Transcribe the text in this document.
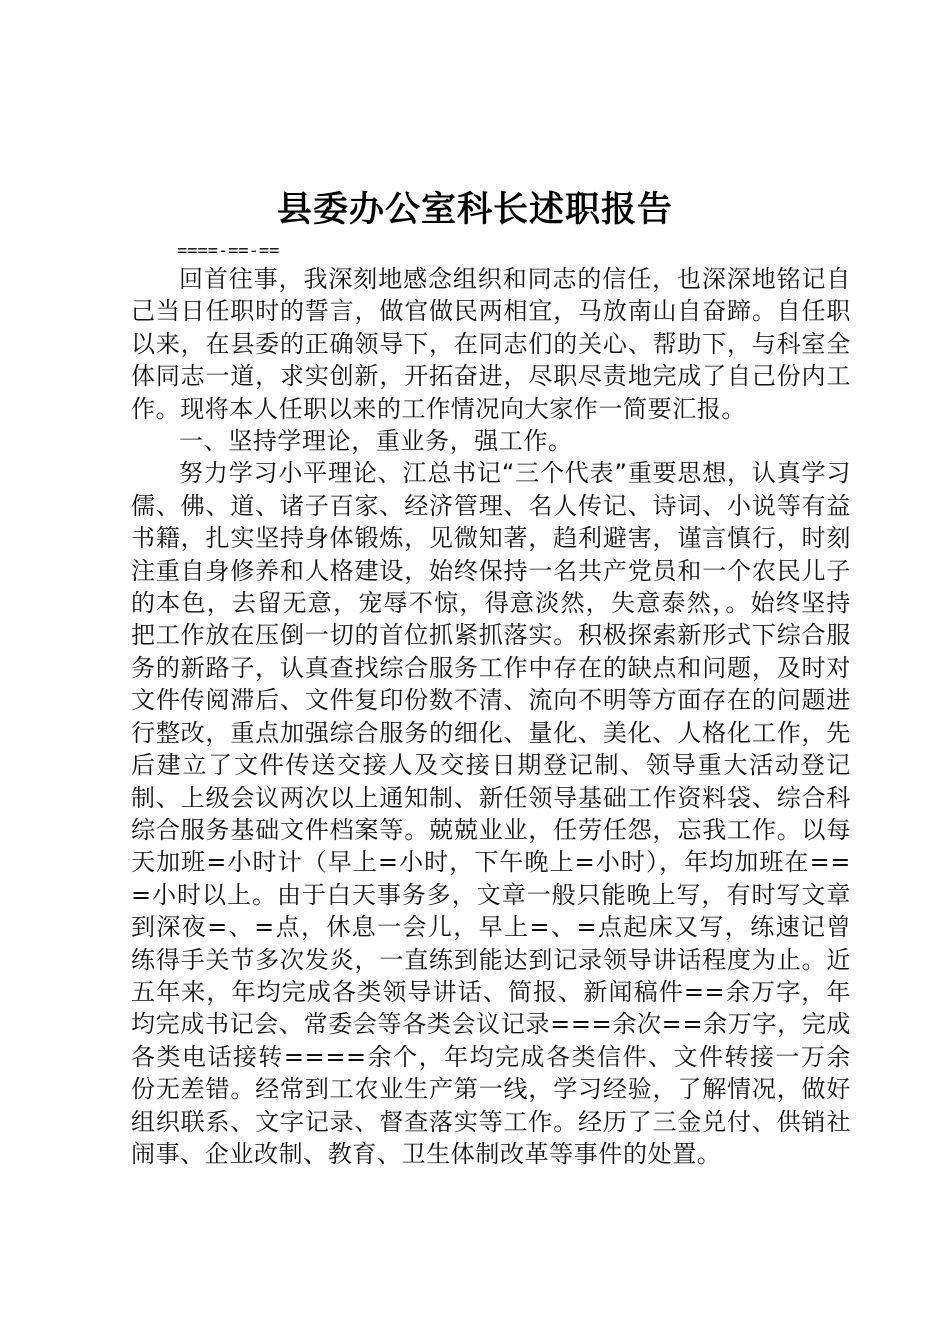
县委办公室科长述职报告
====-==-==

回首往事，我深刻地感念组织和同志的信任，也深深地铭记自己当日任职时的誓言，做官做民两相宜，马放南山自奋蹄。自任职以来，在县委的正确领导下，在同志们的关心、帮助下，与科室全体同志一道，求实创新，开拓奋进，尽职尽责地完成了自己份内工作。现将本人任职以来的工作情况向大家作一简要汇报。

一、坚持学理论，重业务，强工作。

努力学习小平理论、江总书记“三个代表”重要思想，认真学习儒、佛、道、诸子百家、经济管理、名人传记、诗词、小说等有益书籍，扎实坚持身体锻炼，见微知著，趋利避害，谨言慎行，时刻注重自身修养和人格建设，始终保持一名共产党员和一个农民儿子的本色，去留无意，宠辱不惊，得意淡然，失意泰然，。始终坚持把工作放在压倒一切的首位抓紧抓落实。积极探索新形式下综合服务的新路子，认真查找综合服务工作中存在的缺点和问题，及时对文件传阅滞后、文件复印份数不清、流向不明等方面存在的问题进行整改，重点加强综合服务的细化、量化、美化、人格化工作，先后建立了文件传送交接人及交接日期登记制、领导重大活动登记制、上级会议两次以上通知制、新任领导基础工作资料袋、综合科综合服务基础文件档案等。兢兢业业，任劳任怨，忘我工作。以每天加班=小时计（早上=小时，下午晚上=小时），年均加班在===小时以上。由于白天事务多，文章一般只能晚上写，有时写文章到深夜=、=点，休息一会儿，早上=、=点起床又写，练速记曾练得手关节多次发炎，一直练到能达到记录领导讲话程度为止。近五年来，年均完成各类领导讲话、简报、新闻稿件==余万字，年均完成书记会、常委会等各类会议记录===余次==余万字，完成各类电话接转====余个，年均完成各类信件、文件转接一万余份无差错。经常到工农业生产第一线，学习经验，了解情况，做好组织联系、文字记录、督查落实等工作。经历了三金兑付、供销社闹事、企业改制、教育、卫生体制改革等事件的处置。
